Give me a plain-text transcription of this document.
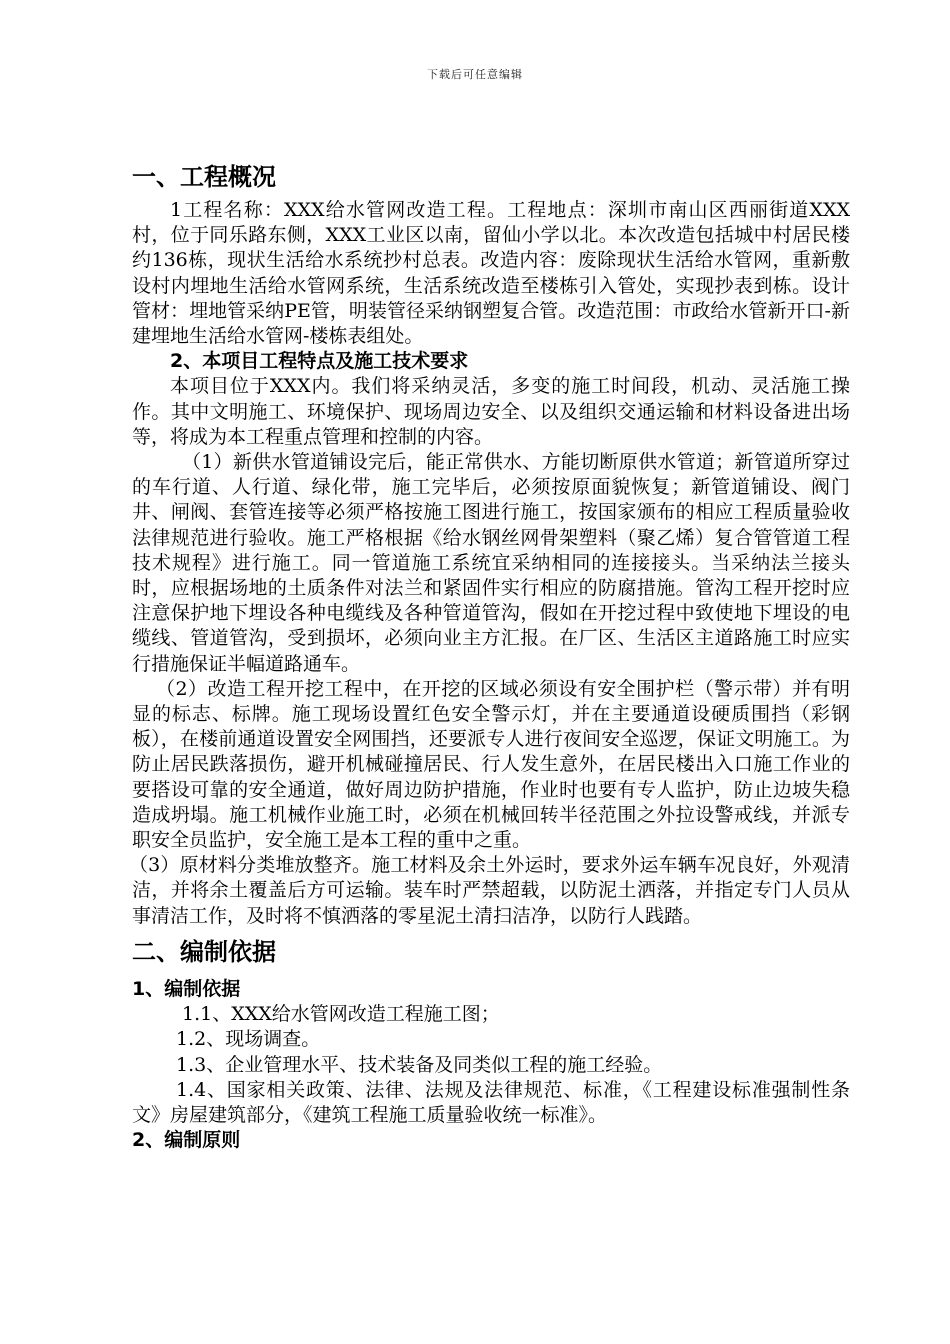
下载后可任意编辑
一、工程概况

1工程名称：XXX给水管网改造工程。工程地点：深圳市南山区西丽街道XXX村，位于同乐路东侧，XXX工业区以南，留仙小学以北。本次改造包括城中村居民楼约136栋，现状生活给水系统抄村总表。改造内容：废除现状生活给水管网，重新敷设村内埋地生活给水管网系统，生活系统改造至楼栋引入管处，实现抄表到栋。设计管材：埋地管采纳PE管，明装管径采纳钢塑复合管。改造范围：市政给水管新开口-新建埋地生活给水管网-楼栋表组处。

2、本项目工程特点及施工技术要求

本项目位于XXX内。我们将采纳灵活，多变的施工时间段，机动、灵活施工操作。其中文明施工、环境保护、现场周边安全、以及组织交通运输和材料设备进出场等，将成为本工程重点管理和控制的内容。

（1）新供水管道铺设完后，能正常供水、方能切断原供水管道；新管道所穿过的车行道、人行道、绿化带，施工完毕后，必须按原面貌恢复；新管道铺设、阀门井、闸阀、套管连接等必须严格按施工图进行施工，按国家颁布的相应工程质量验收法律规范进行验收。施工严格根据《给水钢丝网骨架塑料（聚乙烯）复合管管道工程技术规程》进行施工。同一管道施工系统宜采纳相同的连接接头。当采纳法兰接头时，应根据场地的土质条件对法兰和紧固件实行相应的防腐措施。管沟工程开挖时应注意保护地下埋设各种电缆线及各种管道管沟，假如在开挖过程中致使地下埋设的电缆线、管道管沟，受到损坏，必须向业主方汇报。在厂区、生活区主道路施工时应实行措施保证半幅道路通车。

（2）改造工程开挖工程中，在开挖的区域必须设有安全围护栏（警示带）并有明显的标志、标牌。施工现场设置红色安全警示灯，并在主要通道设硬质围挡（彩钢板），在楼前通道设置安全网围挡，还要派专人进行夜间安全巡逻，保证文明施工。为防止居民跌落损伤，避开机械碰撞居民、行人发生意外，在居民楼出入口施工作业的要搭设可靠的安全通道，做好周边防护措施，作业时也要有专人监护，防止边坡失稳造成坍塌。施工机械作业施工时，必须在机械回转半径范围之外拉设警戒线，并派专职安全员监护，安全施工是本工程的重中之重。

（3）原材料分类堆放整齐。施工材料及余土外运时，要求外运车辆车况良好，外观清洁，并将余土覆盖后方可运输。装车时严禁超载，以防泥土洒落，并指定专门人员从事清洁工作，及时将不慎洒落的零星泥土清扫洁净，以防行人践踏。

二、编制依据
1、编制依据

1.1、XXX给水管网改造工程施工图；

1.2、现场调查。

1.3、企业管理水平、技术装备及同类似工程的施工经验。

1.4、国家相关政策、法律、法规及法律规范、标准，《工程建设标准强制性条文》房屋建筑部分，《建筑工程施工质量验收统一标准》。

2、编制原则
